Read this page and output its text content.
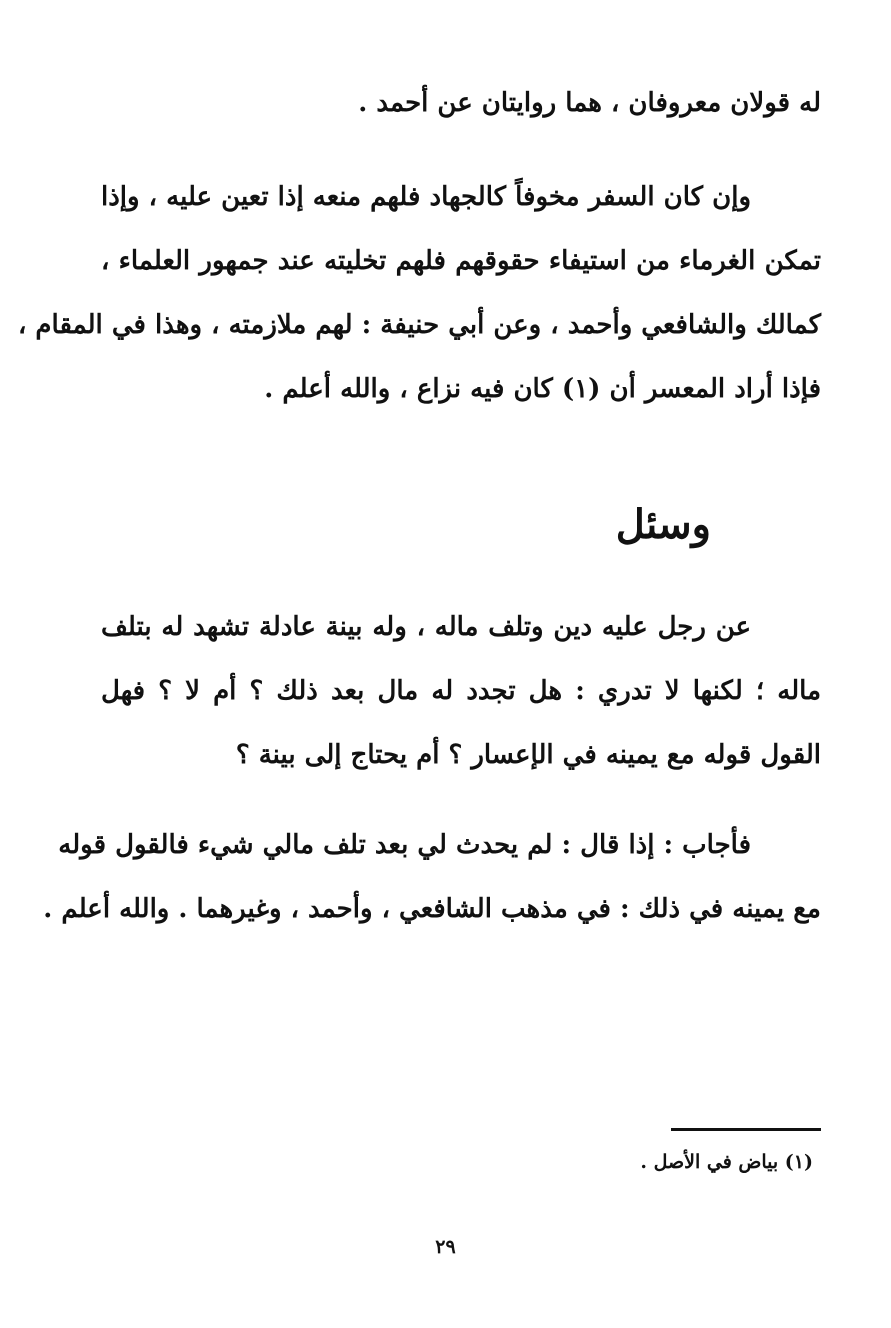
له قولان معروفان ، هما روايتان عن أحمد .
وإن كان السفر مخوفاً كالجهاد فلهم منعه إذا تعين عليه ، وإذا
تمكن الغرماء من استيفاء حقوقهم فلهم تخليته عند جمهور العلماء ،
كمالك والشافعي وأحمد ، وعن أبي حنيفة : لهم ملازمته ، وهذا في المقام ،
فإذا أراد المعسر أن (١) كان فيه نزاع ، والله أعلم .
وسئل
عن رجل عليه دين وتلف ماله ، وله بينة عادلة تشهد له بتلف
ماله ؛ لكنها لا تدري : هل تجدد له مال بعد ذلك ؟ أم لا ؟ فهل
القول قوله مع يمينه في الإعسار ؟ أم يحتاج إلى بينة ؟
فأجاب : إذا قال : لم يحدث لي بعد تلف مالي شيء فالقول قوله
مع يمينه في ذلك : في مذهب الشافعي ، وأحمد ، وغيرهما . والله أعلم .
(١) بياض في الأصل .
٢٩
